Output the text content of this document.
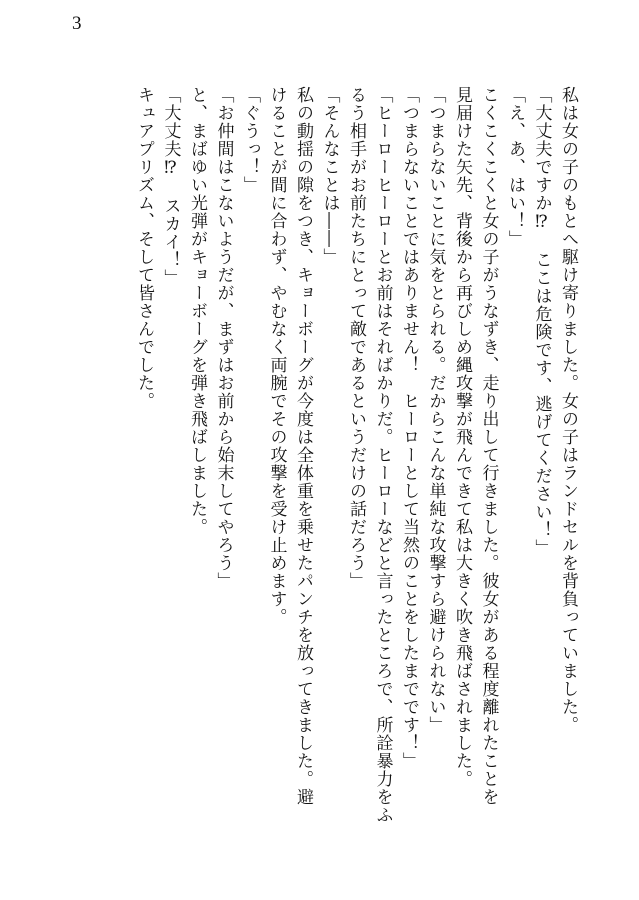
3
私は女の子のもとへ駆け寄りました。女の子はランドセルを背負っていました。
「大丈夫ですか⁉　ここは危険です、逃げてください！」
「え、あ、はい！」
こくこくこくと女の子がうなずき、走り出して行きました。彼女がある程度離れたことを
見届けた矢先、背後から再びしめ縄攻撃が飛んできて私は大きく吹き飛ばされました。
「つまらないことに気をとられる。だからこんな単純な攻撃すら避けられない」
「つまらないことではありません！　ヒーローとして当然のことをしたまでです！」
「ヒーローヒーローとお前はそればかりだ。ヒーローなどと言ったところで、所詮暴力をふ
るう相手がお前たちにとって敵であるというだけの話だろう」
「そんなことは――」
私の動揺の隙をつき、キョーボーグが今度は全体重を乗せたパンチを放ってきました。避
けることが間に合わず、やむなく両腕でその攻撃を受け止めます。
「ぐうっ！」
「お仲間はこないようだが、まずはお前から始末してやろう」
と、まばゆい光弾がキョーボーグを弾き飛ばしました。
「大丈夫⁉　スカイ！」
キュアプリズム、そして皆さんでした。
